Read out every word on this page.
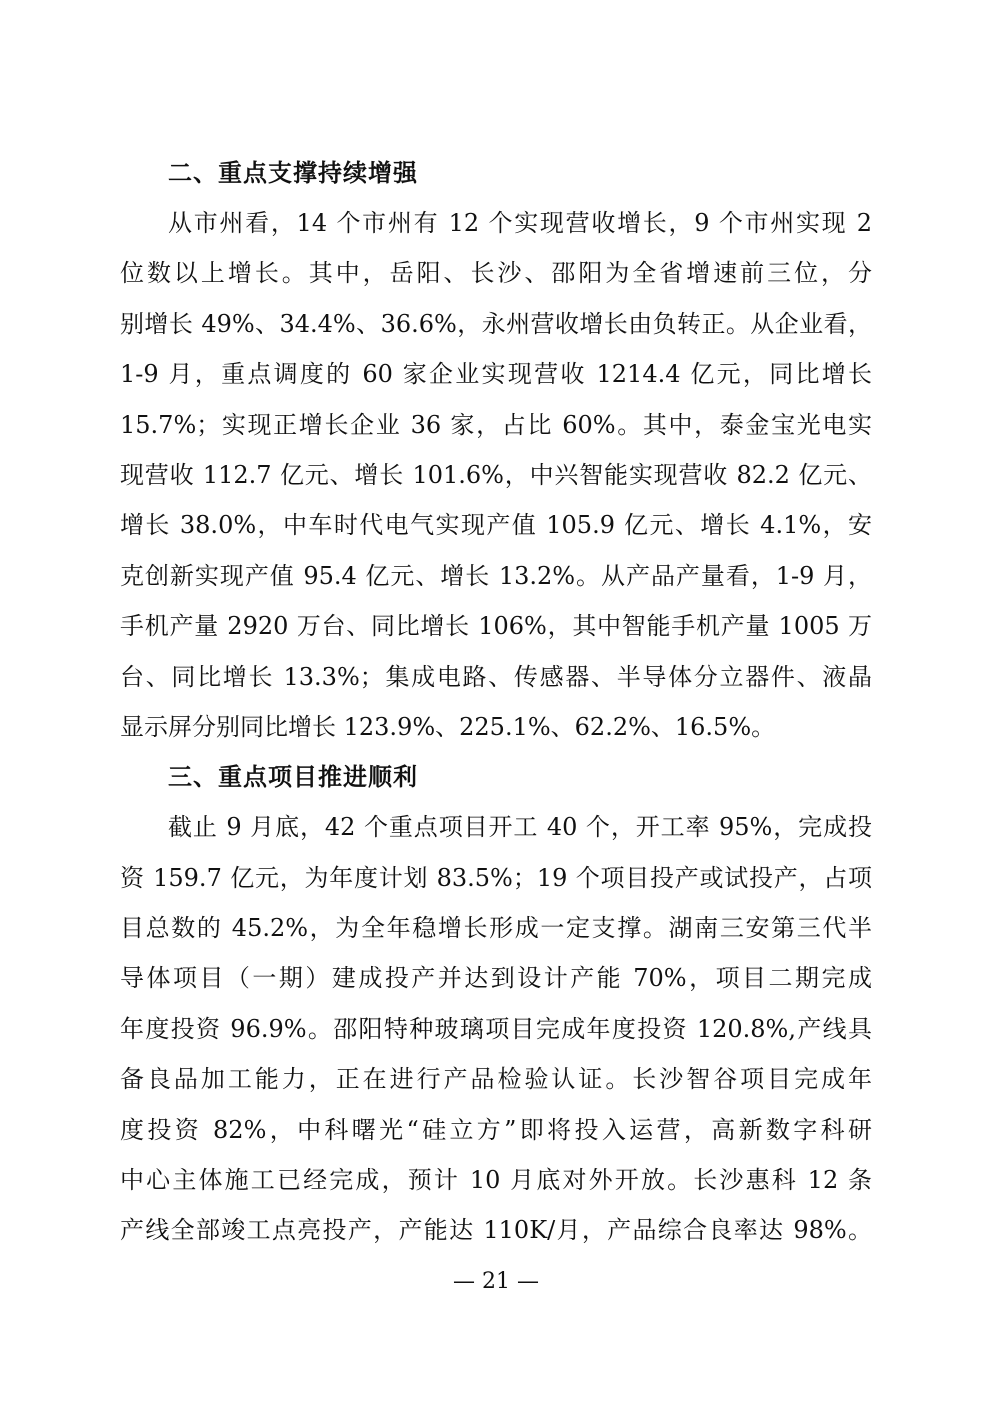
二、重点支撑持续增强
从市州看，14 个市州有 12 个实现营收增长，9 个市州实现 2
位数以上增长。其中，岳阳、长沙、邵阳为全省增速前三位，分
别增长 49%、34.4%、36.6%，永州营收增长由负转正。从企业看，
1-9 月，重点调度的 60 家企业实现营收 1214.4 亿元，同比增长
15.7%；实现正增长企业 36 家，占比 60%。其中，泰金宝光电实
现营收 112.7 亿元、增长 101.6%，中兴智能实现营收 82.2 亿元、
增长 38.0%，中车时代电气实现产值 105.9 亿元、增长 4.1%，安
克创新实现产值 95.4 亿元、增长 13.2%。从产品产量看，1-9 月，
手机产量 2920 万台、同比增长 106%，其中智能手机产量 1005 万
台、同比增长 13.3%；集成电路、传感器、半导体分立器件、液晶
显示屏分别同比增长 123.9%、225.1%、62.2%、16.5%。
三、重点项目推进顺利
截止 9 月底，42 个重点项目开工 40 个，开工率 95%，完成投
资 159.7 亿元，为年度计划 83.5%；19 个项目投产或试投产，占项
目总数的 45.2%，为全年稳增长形成一定支撑。湖南三安第三代半
导体项目（一期）建成投产并达到设计产能 70%，项目二期完成
年度投资 96.9%。邵阳特种玻璃项目完成年度投资 120.8%,产线具
备良品加工能力，正在进行产品检验认证。长沙智谷项目完成年
度投资 82%，中科曙光“硅立方”即将投入运营，高新数字科研
中心主体施工已经完成，预计 10 月底对外开放。长沙惠科 12 条
产线全部竣工点亮投产，产能达 110K/月，产品综合良率达 98%。
— 21 —
